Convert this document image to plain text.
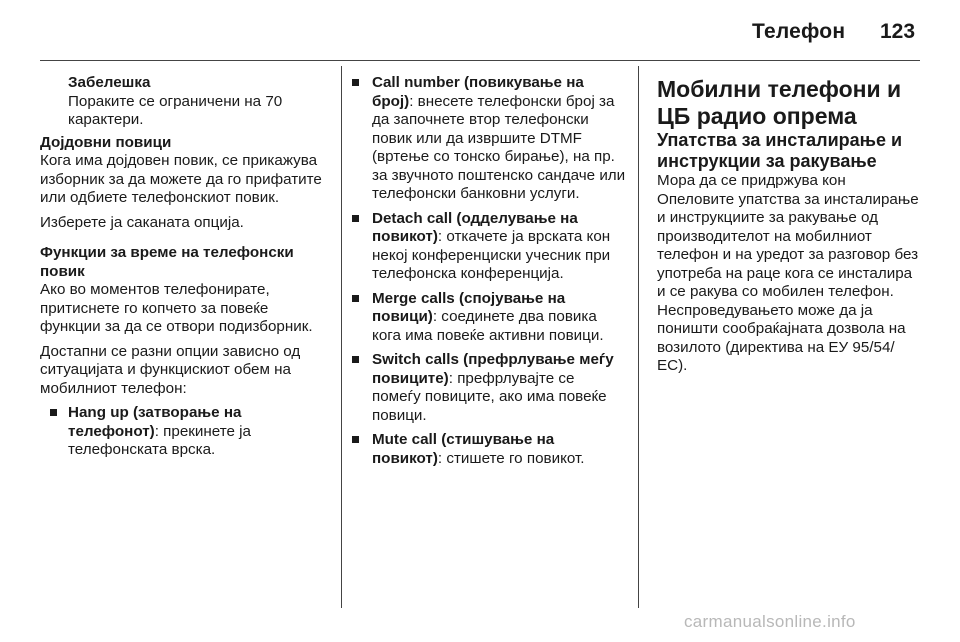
Телефон 123

Забелешка

Пораките се ограничени на 70 карактери.

Дојдовни повици

Кога има дојдовен повик, се прикажува изборник за да можете да го прифатите или одбиете телефонскиот повик.

Изберете ја саканата опција.

Функции за време на телефонски повик

Ако во моментов телефонирате, притиснете го копчето за повеќе функции за да се отвори подизборник.

Достапни се разни опции зависно од ситуацијата и функцискиот обем на мобилниот телефон:

Hang up (затворање на телефонот): прекинете ја телефонската врска.
Call number (повикување на број): внесете телефонски број за да започнете втор телефонски повик или да извршите DTMF (вртење со тонско бирање), на пр. за звучното поштенско сандаче или телефонски банковни услуги.
Detach call (одделување на повикот): откачете ја врската кон некој конференциски учесник при телефонска конференција.
Merge calls (спојување на повици): соединете два повика кога има повеќе активни повици.
Switch calls (префрлување меѓу повиците): префрлувајте се помеѓу повиците, ако има повеќе повици.
Mute call (стишување на повикот): стишете го повикот.

Мобилни телефони и ЦБ радио опрема

Упатства за инсталирање и инструкции за ракување

Мора да се придржува кон Опеловите упатства за инсталирање и инструкциите за ракување од производителот на мобилниот телефон и на уредот за разговор без употреба на раце кога се инсталира и се ракува со мобилен телефон.

Неспроведувањето може да ја поништи сообраќајната дозвола на возилото (директива на ЕУ 95/54/ЕС).

carmanualsonline.info
